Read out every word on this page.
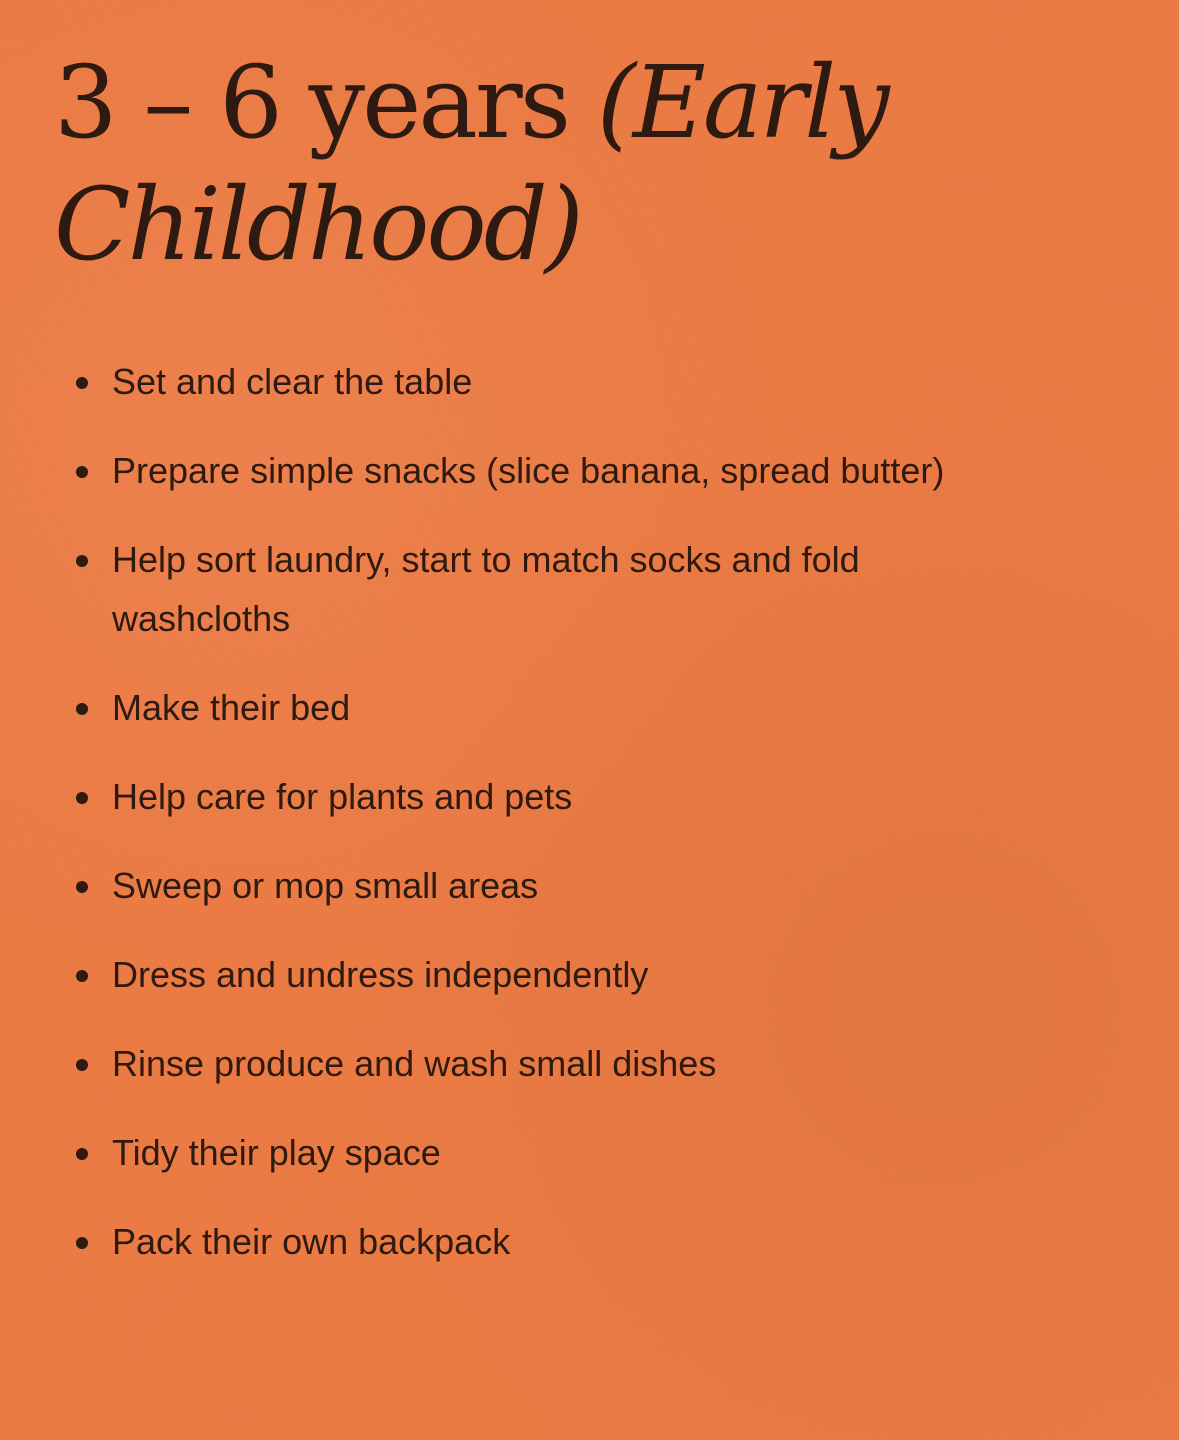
3 – 6 years (Early Childhood)
Set and clear the table
Prepare simple snacks (slice banana, spread butter)
Help sort laundry, start to match socks and fold washcloths
Make their bed
Help care for plants and pets
Sweep or mop small areas
Dress and undress independently
Rinse produce and wash small dishes
Tidy their play space
Pack their own backpack
